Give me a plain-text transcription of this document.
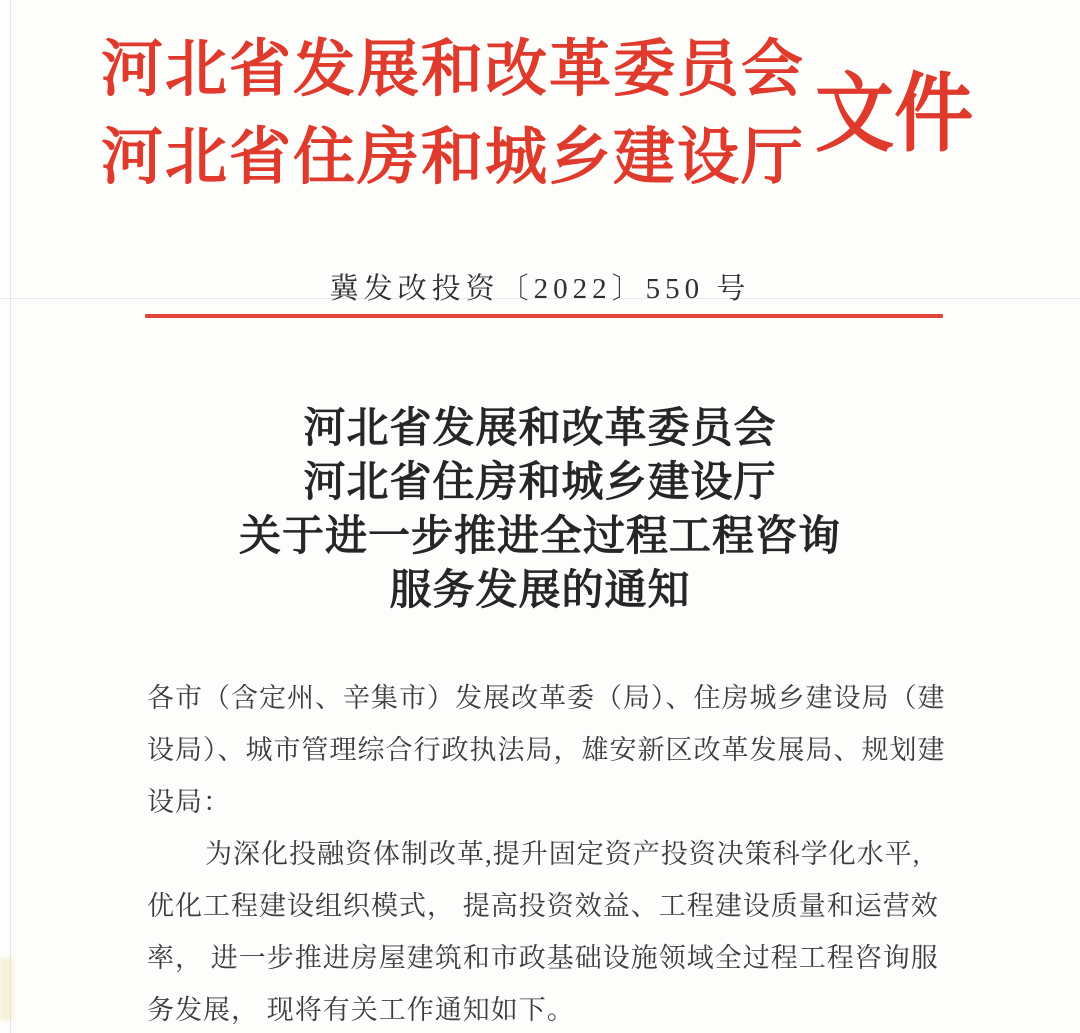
河北省发展和改革委员会
河北省住房和城乡建设厅 文件
冀发改投资〔2022〕550 号
河北省发展和改革委员会
河北省住房和城乡建设厅
关于进一步推进全过程工程咨询
服务发展的通知
各市（含定州、辛集市）发展改革委（局）、住房城乡建设局（建
设局）、城市管理综合行政执法局，雄安新区改革发展局、规划建
设局：
为深化投融资体制改革,提升固定资产投资决策科学化水平,
优化工程建设组织模式， 提高投资效益、工程建设质量和运营效
率， 进一步推进房屋建筑和市政基础设施领域全过程工程咨询服
务发展， 现将有关工作通知如下。
